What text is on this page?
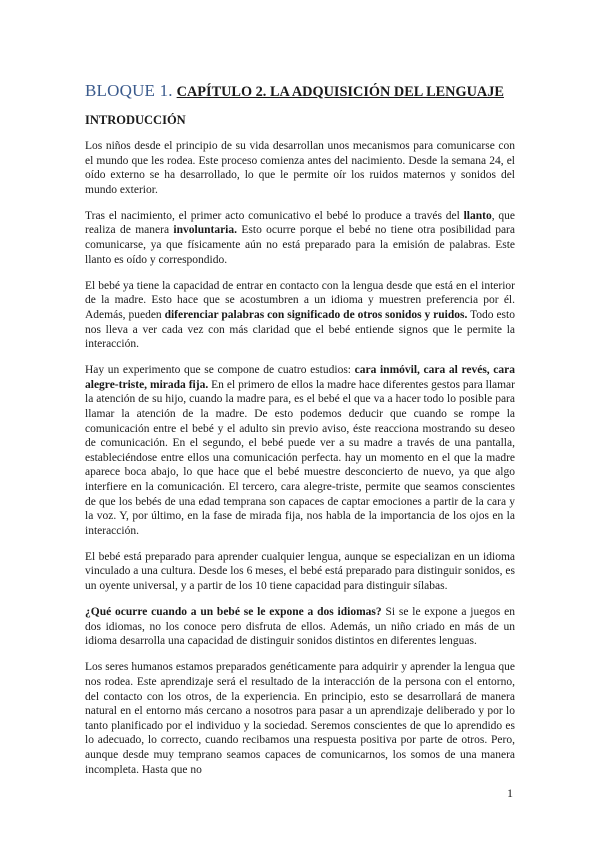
BLOQUE 1. CAPÍTULO 2. LA ADQUISICIÓN DEL LENGUAJE
INTRODUCCIÓN

Los niños desde el principio de su vida desarrollan unos mecanismos para comunicarse con el mundo que les rodea. Este proceso comienza antes del nacimiento. Desde la semana 24, el oído externo se ha desarrollado, lo que le permite oír los ruidos maternos y sonidos del mundo exterior.

Tras el nacimiento, el primer acto comunicativo el bebé lo produce a través del llanto, que realiza de manera involuntaria. Esto ocurre porque el bebé no tiene otra posibilidad para comunicarse, ya que físicamente aún no está preparado para la emisión de palabras. Este llanto es oído y correspondido.

El bebé ya tiene la capacidad de entrar en contacto con la lengua desde que está en el interior de la madre. Esto hace que se acostumbren a un idioma y muestren preferencia por él. Además, pueden diferenciar palabras con significado de otros sonidos y ruidos. Todo esto nos lleva a ver cada vez con más claridad que el bebé entiende signos que le permite la interacción.

Hay un experimento que se compone de cuatro estudios: cara inmóvil, cara al revés, cara alegre-triste, mirada fija. En el primero de ellos la madre hace diferentes gestos para llamar la atención de su hijo, cuando la madre para, es el bebé el que va a hacer todo lo posible para llamar la atención de la madre. De esto podemos deducir que cuando se rompe la comunicación entre el bebé y el adulto sin previo aviso, éste reacciona mostrando su deseo de comunicación. En el segundo, el bebé puede ver a su madre a través de una pantalla, estableciéndose entre ellos una comunicación perfecta. hay un momento en el que la madre aparece boca abajo, lo que hace que el bebé muestre desconcierto de nuevo, ya que algo interfiere en la comunicación. El tercero, cara alegre-triste, permite que seamos conscientes de que los bebés de una edad temprana son capaces de captar emociones a partir de la cara y la voz. Y, por último, en la fase de mirada fija, nos habla de la importancia de los ojos en la interacción.

El bebé está preparado para aprender cualquier lengua, aunque se especializan en un idioma vinculado a una cultura. Desde los 6 meses, el bebé está preparado para distinguir sonidos, es un oyente universal, y a partir de los 10 tiene capacidad para distinguir sílabas.

¿Qué ocurre cuando a un bebé se le expone a dos idiomas? Si se le expone a juegos en dos idiomas, no los conoce pero disfruta de ellos. Además, un niño criado en más de un idioma desarrolla una capacidad de distinguir sonidos distintos en diferentes lenguas.

Los seres humanos estamos preparados genéticamente para adquirir y aprender la lengua que nos rodea. Este aprendizaje será el resultado de la interacción de la persona con el entorno, del contacto con los otros, de la experiencia. En principio, esto se desarrollará de manera natural en el entorno más cercano a nosotros para pasar a un aprendizaje deliberado y por lo tanto planificado por el individuo y la sociedad. Seremos conscientes de que lo aprendido es lo adecuado, lo correcto, cuando recibamos una respuesta positiva por parte de otros. Pero, aunque desde muy temprano seamos capaces de comunicarnos, los somos de una manera incompleta. Hasta que no

1
